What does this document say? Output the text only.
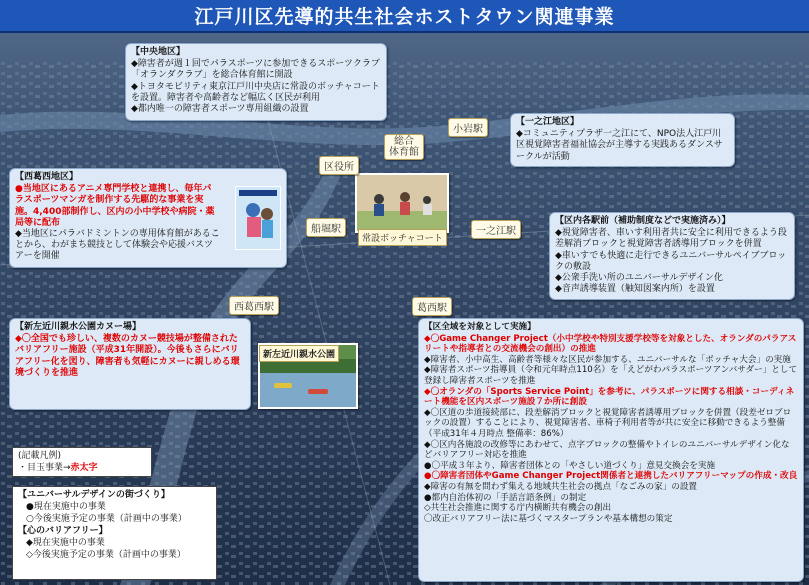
江戸川区先導的共生社会ホストタウン関連事業
【中央地区】
◆障害者が週１回でパラスポーツに参加できるスポーツクラブ「オランダクラブ」を総合体育館に開設
◆トヨタモビリティ東京江戸川中央店に常設のボッチャコートを設置。障害者や高齢者など幅広く区民が利用
◆都内唯一の障害者スポーツ専用組織の設置
【一之江地区】
◆コミュニティプラザ一之江にて、NPO法人江戸川区視覚障害者福祉協会が主導する実践あるダンスサークルが活動
【西葛西地区】
●当地区にあるアニメ専門学校と連携し、毎年パラスポーツマンガを制作する先駆的な事業を実施。4,400部制作し、区内の小中学校や病院・薬局等に配布
◆当地区にパラバドミントンの専用体育館があることから、わがまち競技として体験会や応援バスツアーを開催
【新左近川親水公園カヌー場】
◆〇全国でも珍しい、複数のカヌー競技場が整備されたバリアフリー施設（平成31年開設）。今後もさらにバリアフリー化を図り、障害者も気軽にカヌーに親しめる環境づくりを推進
【区内各駅前（補助制度などで実施済み）】
◆視覚障害者、車いす利用者共に安全に利用できるよう段差解消ブロックと視覚障害者誘導用ブロックを併置
◆車いすでも快適に走行できるユニバーサルペイブブロックの敷設
◆公衆手洗い所のユニバーサルデザイン化
◆音声誘導装置（触知図案内所）を設置
【区全域を対象として実施】
◆〇Game Changer Project（小中学校や特別支援学校等を対象とした、オランダのパラアスリートや指導者との交流機会の創出）の推進
◆障害者、小中高生、高齢者等様々な区民が参加する、ユニバーサルな「ボッチャ大会」の実施
◆障害者スポーツ指導員（令和元年時点110名）を「えどがわパラスポーツアンバサダー」として登録し障害者スポーツを推進
◆〇オランダの「Sports Service Point」を参考に、パラスポーツに関する相談・コーディネート機能を区内スポーツ施設７か所に創設
◆〇区道の歩道接続部に、段差解消ブロックと視覚障害者誘導用ブロックを併置（段差ゼロブロックの設置）することにより、視覚障害者、車椅子利用者等が共に安全に移動できるよう整備（平成31年４月時点 整備率：86%）
◆〇区内各施設の改修等にあわせて、点字ブロックの整備やトイレのユニバーサルデザイン化などバリアフリー対応を推進
●〇平成３年より、障害者団体との「やさしい道づくり」意見交換会を実施
●〇障害者団体やGame Changer Project関係者と連携したバリアフリーマップの作成・改良
◆障害の有無を問わず集える地域共生社会の拠点「なごみの家」の設置
●都内自治体初の「手話言語条例」の制定
◇共生社会推進に関する庁内横断共有機会の創出
〇改正バリアフリー法に基づくマスタープランや基本構想の策定
常設ボッチャコート
新左近川親水公園
小岩駅
総合
体育館
区役所
船堀駅	一之江駅
西葛西駅	葛西駅
(記載凡例)
・目玉事業→赤太字
【ユニバーサルデザインの街づくり】
●現在実施中の事業
○今後実施予定の事業（計画中の事業）
【心のバリアフリー】
◆現在実施中の事業
◇今後実施予定の事業（計画中の事業）
